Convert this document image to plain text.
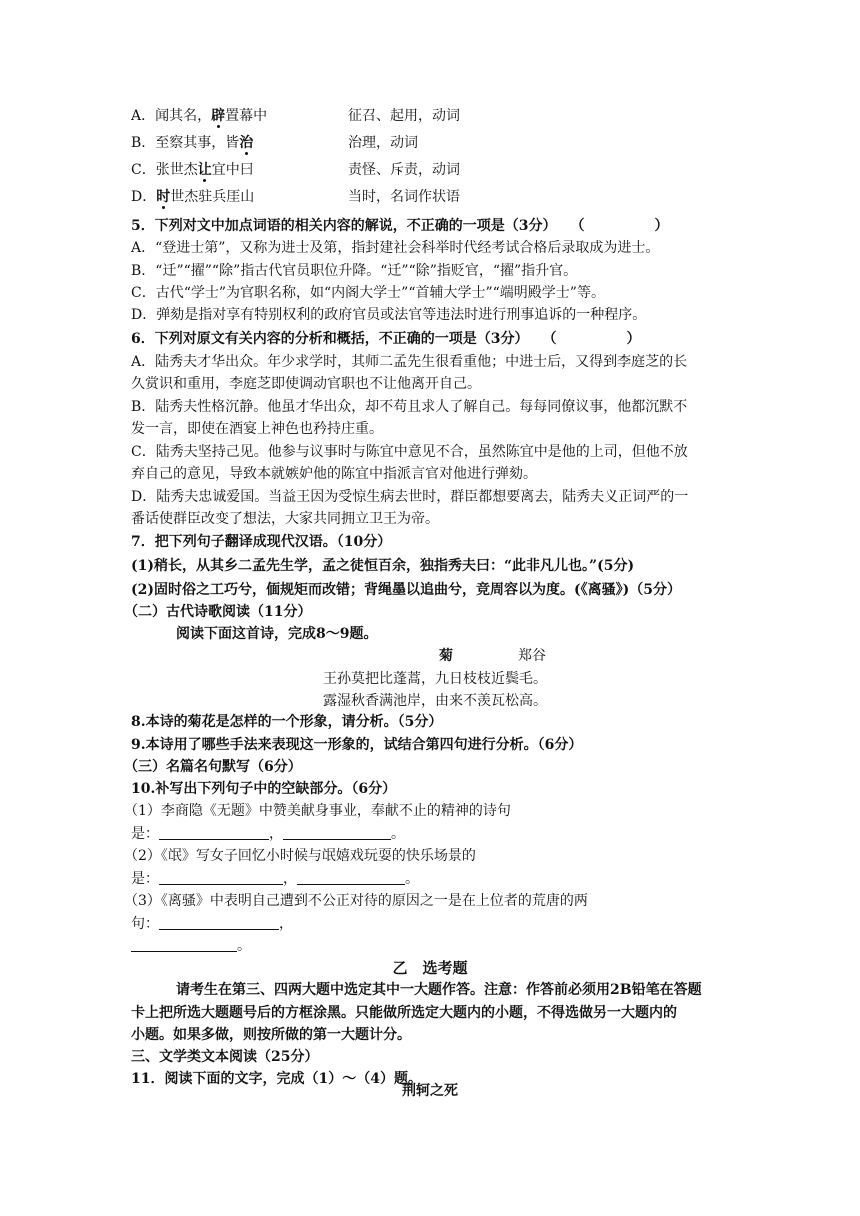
A．闻其名，辟置幕中	征召、起用，动词
B．至察其事，皆治	治理，动词
C．张世杰让宜中曰	责怪、斥责，动词
D．时世杰驻兵厓山	当时，名词作状语
5．下列对文中加点词语的相关内容的解说，不正确的一项是（3分）　　（　　　　　）
A．“登进士第”，又称为进士及第，指封建社会科举时代经考试合格后录取成为进士。
B．“迁”“擢”“除”指古代官员职位升降。“迁”“除”指贬官，“擢”指升官。
C．古代“学士”为官职名称，如“内阁大学士”“首辅大学士”“端明殿学士”等。
D．弹劾是指对享有特别权利的政府官员或法官等违法时进行刑事追诉的一种程序。
6．下列对原文有关内容的分析和概括，不正确的一项是（3分）　　（　　　　　）
A．陆秀夫才华出众。年少求学时，其师二孟先生很看重他；中进士后，又得到李庭芝的长
久赏识和重用，李庭芝即使调动官职也不让他离开自己。
B．陆秀夫性格沉静。他虽才华出众，却不苟且求人了解自己。每每同僚议事，他都沉默不
发一言，即使在酒宴上神色也矜持庄重。
C．陆秀夫坚持己见。他参与议事时与陈宜中意见不合，虽然陈宜中是他的上司，但他不放
弃自己的意见，导致本就嫉妒他的陈宜中指派言官对他进行弹劾。
D．陆秀夫忠诚爱国。当益王因为受惊生病去世时，群臣都想要离去，陆秀夫义正词严的一
番话使群臣改变了想法，大家共同拥立卫王为帝。
7．把下列句子翻译成现代汉语。（10分）
(1)稍长，从其乡二孟先生学，孟之徒恒百余，独指秀夫曰：“此非凡儿也。”(5分)
(2)固时俗之工巧兮，偭规矩而改错；背绳墨以追曲兮，竞周容以为度。(《离骚》)（5分）
（二）古代诗歌阅读（11分）
阅读下面这首诗，完成8～9题。
菊	郑谷
王孙莫把比蓬蒿，九日枝枝近鬓毛。
露湿秋香满池岸，由来不羡瓦松高。
8.本诗的菊花是怎样的一个形象，请分析。（5分）
9.本诗用了哪些手法来表现这一形象的，试结合第四句进行分析。（6分）
（三）名篇名句默写（6分）
10.补写出下列句子中的空缺部分。（6分）
（1）李商隐《无题》中赞美献身事业，奉献不止的精神的诗句
是：	，	。
（2）《氓》写女子回忆小时候与氓嬉戏玩耍的快乐场景的
是：	，	。
（3）《离骚》中表明自己遭到不公正对待的原因之一是在上位者的荒唐的两
句：	，
。
乙　选考题
请考生在第三、四两大题中选定其中一大题作答。注意：作答前必须用2B铅笔在答题
卡上把所选大题题号后的方框涂黑。只能做所选定大题内的小题，不得选做另一大题内的
小题。如果多做，则按所做的第一大题计分。
三、文学类文本阅读（25分）
11．阅读下面的文字，完成（1）～（4）题。
荆轲之死
